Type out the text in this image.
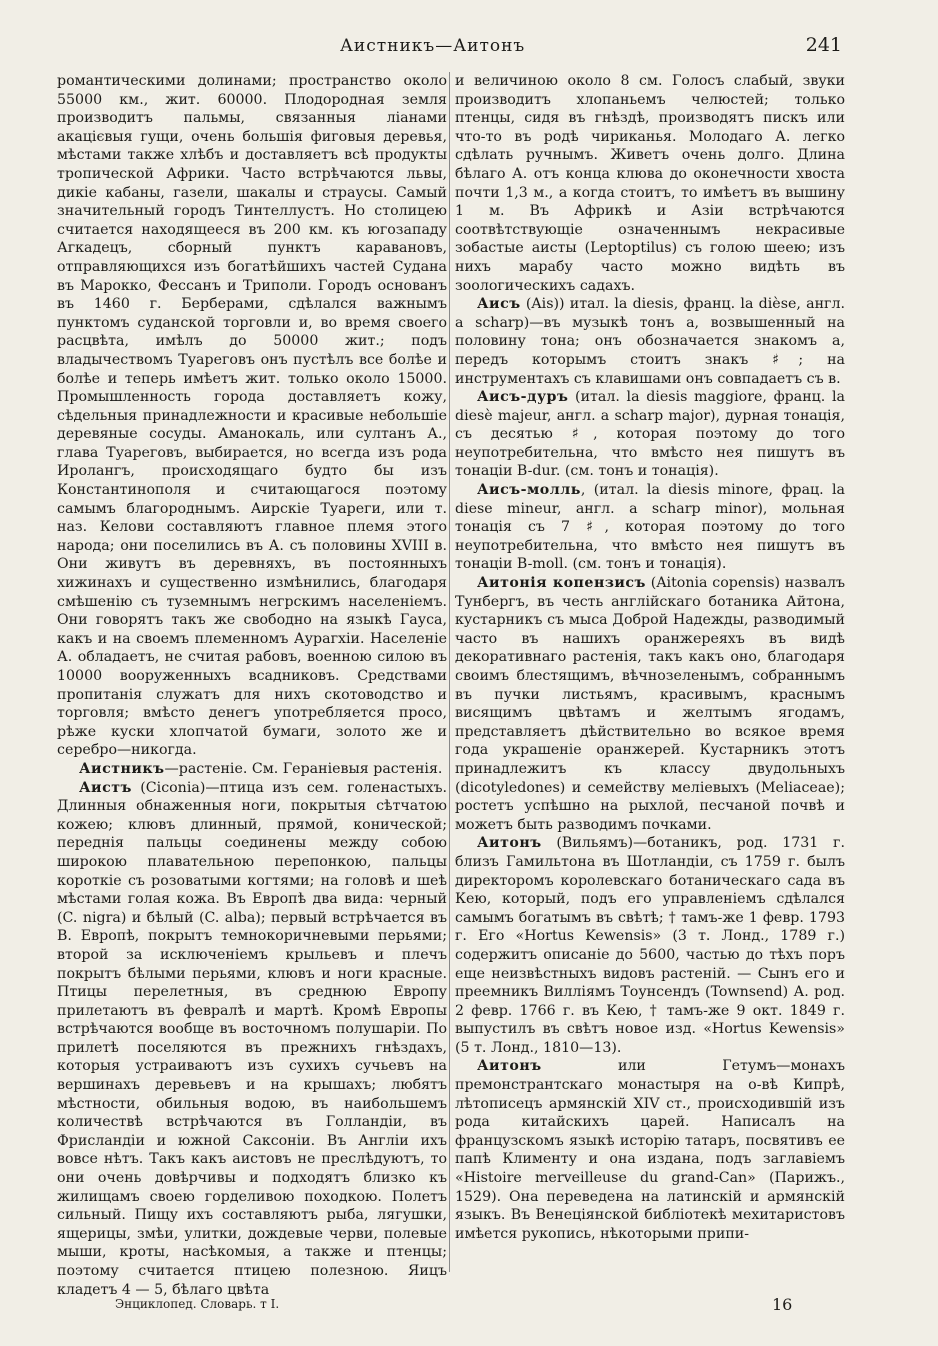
Аистникъ—Аитонъ	241

романтическими долинами; пространство около 55000 км., жит. 60000. Плодородная земля производитъ пальмы, связанныя ліанами акацієвыя гущи, очень большія фиговыя деревья, мѣстами также хлѣбъ и доставляетъ всѣ продукты тропической Африки. Часто встрѣчаются львы, дикіе кабаны, газели, шакалы и страусы. Самый значительный городъ Тинтеллустъ. Но столицею считается находящееся въ 200 км. къ югозападу Агкадецъ, сборный пунктъ каравановъ, отправляющихся изъ богатѣйшихъ частей Судана въ Марокко, Фессанъ и Триполи. Городъ основанъ въ 1460 г. Берберами, сдѣлался важнымъ пунктомъ суданской торговли и, во время своего расцвѣта, имѣлъ до 50000 жит.; подъ владычествомъ Туареговъ онъ пустѣлъ все болѣе и болѣе и теперь имѣетъ жит. только около 15000. Промышленность города доставляетъ кожу, сѣдельныя принадлежности и красивые небольшіе деревяные сосуды. Аманокаль, или султанъ А., глава Туареговъ, выбирается, но всегда изъ рода Иролангъ, происходящаго будто бы изъ Константинополя и считающагося поэтому самымъ благороднымъ. Аирскіе Туареги, или т. наз. Келови составляютъ главное племя этого народа; они поселились въ А. съ половины XVIII в. Они живутъ въ деревняхъ, въ постоянныхъ хижинахъ и существенно измѣнились, благодаря смѣшенію съ туземнымъ негрскимъ населеніемъ. Они говорятъ такъ же свободно на языкѣ Гауса, какъ и на своемъ племенномъ Аурагхіи. Населеніе А. обладаетъ, не считая рабовъ, военною силою въ 10000 вооруженныхъ всадниковъ. Средствами пропитанія служатъ для нихъ скотоводство и торговля; вмѣсто денегъ употребляется просо, рѣже куски хлопчатой бумаги, золото же и серебро—никогда.

Аистникъ—растеніе. См. Гераніевыя растенія.

Аистъ (Ciconia)—птица изъ сем. голенастыхъ. Длинныя обнаженныя ноги, покрытыя сѣтчатою кожею; клювъ длинный, прямой, конической; переднія пальцы соединены между собою широкою плавательною перепонкою, пальцы короткіе съ розоватыми когтями; на головѣ и шеѣ мѣстами голая кожа. Въ Европѣ два вида: черный (C. nigra) и бѣлый (C. alba); первый встрѣчается въ В. Европѣ, покрытъ темнокоричневыми перьями; второй за исключеніемъ крыльевъ и плечъ покрытъ бѣлыми перьями, клювъ и ноги красные. Птицы перелетныя, въ среднюю Европу прилетаютъ въ февралѣ и мартѣ. Кромѣ Европы встрѣчаются вообще въ восточномъ полушаріи. По прилетѣ поселяются въ прежнихъ гнѣздахъ, которыя устраиваютъ изъ сухихъ сучьевъ на вершинахъ деревьевъ и на крышахъ; любятъ мѣстности, обильныя водою, въ наибольшемъ количествѣ встрѣчаются въ Голландіи, въ Фрисландіи и южной Саксоніи. Въ Англіи ихъ вовсе нѣтъ. Такъ какъ аистовъ не преслѣдуютъ, то они очень довѣрчивы и подходятъ близко къ жилищамъ своею горделивою походкою. Полетъ сильный. Пищу ихъ составляютъ рыба, лягушки, ящерицы, змѣи, улитки, дождевые черви, полевые мыши, кроты, насѣкомыя, а также и птенцы; поэтому считается птицею полезною. Яицъ кладетъ 4 — 5, бѣлаго цвѣта

и величиною около 8 см. Голосъ слабый, звуки производитъ хлопаньемъ челюстей; только птенцы, сидя въ гнѣздѣ, производятъ пискъ или что-то въ родѣ чириканья. Молодаго А. легко сдѣлать ручнымъ. Живетъ очень долго. Длина бѣлаго А. отъ конца клюва до оконечности хвоста почти 1,3 м., а когда стоитъ, то имѣетъ въ вышину 1 м. Въ Африкѣ и Азіи встрѣчаются соотвѣтствующіе означеннымъ некрасивые зобастые аисты (Leptoptilus) съ голою шеею; изъ нихъ марабу часто можно видѣть въ зоологическихъ садахъ.

Аисъ (Ais)) итал. la diesis, франц. la dièse, англ. a scharp)—въ музыкѣ тонъ а, возвышенный на половину тона; онъ обозначается знакомъ а, передъ которымъ стоитъ знакъ ♯; на инструментахъ съ клавишами онъ совпадаетъ съ в.

Аисъ-дуръ (итал. la diesis maggiore, франц. la diesè majeur, англ. a scharp major), дурная тонація, съ десятью ♯, которая поэтому до того неупотребительна, что вмѣсто нея пишутъ въ тонаціи B-dur. (см. тонъ и тонація).

Аисъ-молль, (итал. la diesis minore, фрац. la diese mineur, англ. a scharp minor), мольная тонація съ 7 ♯, которая поэтому до того неупотребительна, что вмѣсто нея пишутъ въ тонаціи B-moll. (см. тонъ и тонація).

Аитонія копензисъ (Aitonia copensis) назвалъ Тунбергъ, въ честь англійскаго ботаника Айтона, кустарникъ съ мыса Доброй Надежды, разводимый часто въ нашихъ оранжереяхъ въ видѣ декоративнаго растенія, такъ какъ оно, благодаря своимъ блестящимъ, вѣчнозеленымъ, собраннымъ въ пучки листьямъ, красивымъ, краснымъ висящимъ цвѣтамъ и желтымъ ягодамъ, представляетъ дѣйствительно во всякое время года украшеніе оранжерей. Кустарникъ этотъ принадлежитъ къ классу двудольныхъ (dicotyledones) и семейству меліевыхъ (Meliaceae); ростетъ успѣшно на рыхлой, песчаной почвѣ и можетъ быть разводимъ почками.

Аитонъ (Вильямъ)—ботаникъ, род. 1731 г. близъ Гамильтона въ Шотландіи, съ 1759 г. былъ директоромъ королевскаго ботаническаго сада въ Кею, который, подъ его управленіемъ сдѣлался самымъ богатымъ въ свѣтѣ; † тамъ-же 1 февр. 1793 г. Его «Hortus Kewensis» (3 т. Лонд., 1789 г.) содержитъ описаніе до 5600, частью до тѣхъ поръ еще неизвѣстныхъ видовъ растеній. — Сынъ его и преемникъ Вилліямъ Тоунсендъ (Townsend) А. род. 2 февр. 1766 г. въ Кею, † тамъ-же 9 окт. 1849 г. выпустилъ въ свѣтъ новое изд. «Hortus Kewensis» (5 т. Лонд., 1810—13).

Аитонъ	или Гетумъ—монахъ премонстрантскаго монастыря на о-вѣ Кипрѣ, лѣтописецъ армянскій XIV ст., происходившій изъ рода китайскихъ царей. Написалъ на французскомъ языкѣ исторію татаръ, посвятивъ ее папѣ Клименту и она издана, подъ заглавіемъ «Histoire merveilleuse du grand-Can» (Парижъ., 1529). Она переведена на латинскій и армянскій языкъ. Въ Венеціянской библіотекѣ мехитаристовъ имѣется рукопись, нѣкоторыми припи-

Энциклопед. Словарь. т I.	16
